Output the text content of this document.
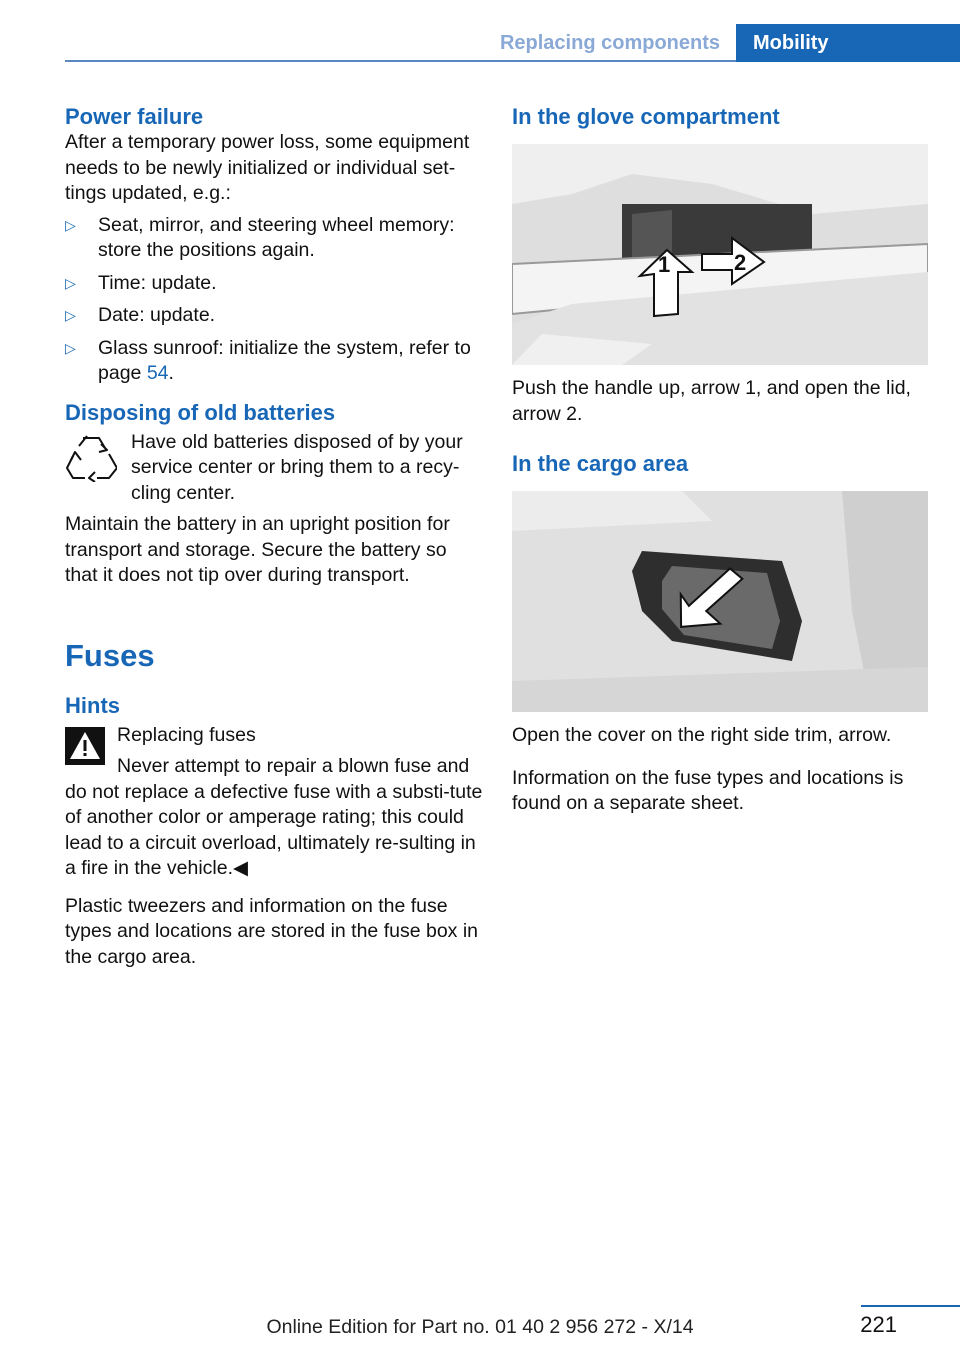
Replacing components	Mobility
Power failure

After a temporary power loss, some equipment needs to be newly initialized or individual set‐tings updated, e.g.:

▷ Seat, mirror, and steering wheel memory: store the positions again.
▷ Time: update.
▷ Date: update.
▷ Glass sunroof: initialize the system, refer to page 54.
Disposing of old batteries

Have old batteries disposed of by your service center or bring them to a recy‐cling center.

Maintain the battery in an upright position for transport and storage. Secure the battery so that it does not tip over during transport.

Fuses
Hints

Replacing fuses

Never attempt to repair a blown fuse and do not replace a defective fuse with a substi‐tute of another color or amperage rating; this could lead to a circuit overload, ultimately re‐sulting in a fire in the vehicle.◀

Plastic tweezers and information on the fuse types and locations are stored in the fuse box in the cargo area.

In the glove compartment
1	2

Push the handle up, arrow 1, and open the lid, arrow 2.

In the cargo area

Open the cover on the right side trim, arrow.

Information on the fuse types and locations is found on a separate sheet.

221
Online Edition for Part no. 01 40 2 956 272 - X/14
